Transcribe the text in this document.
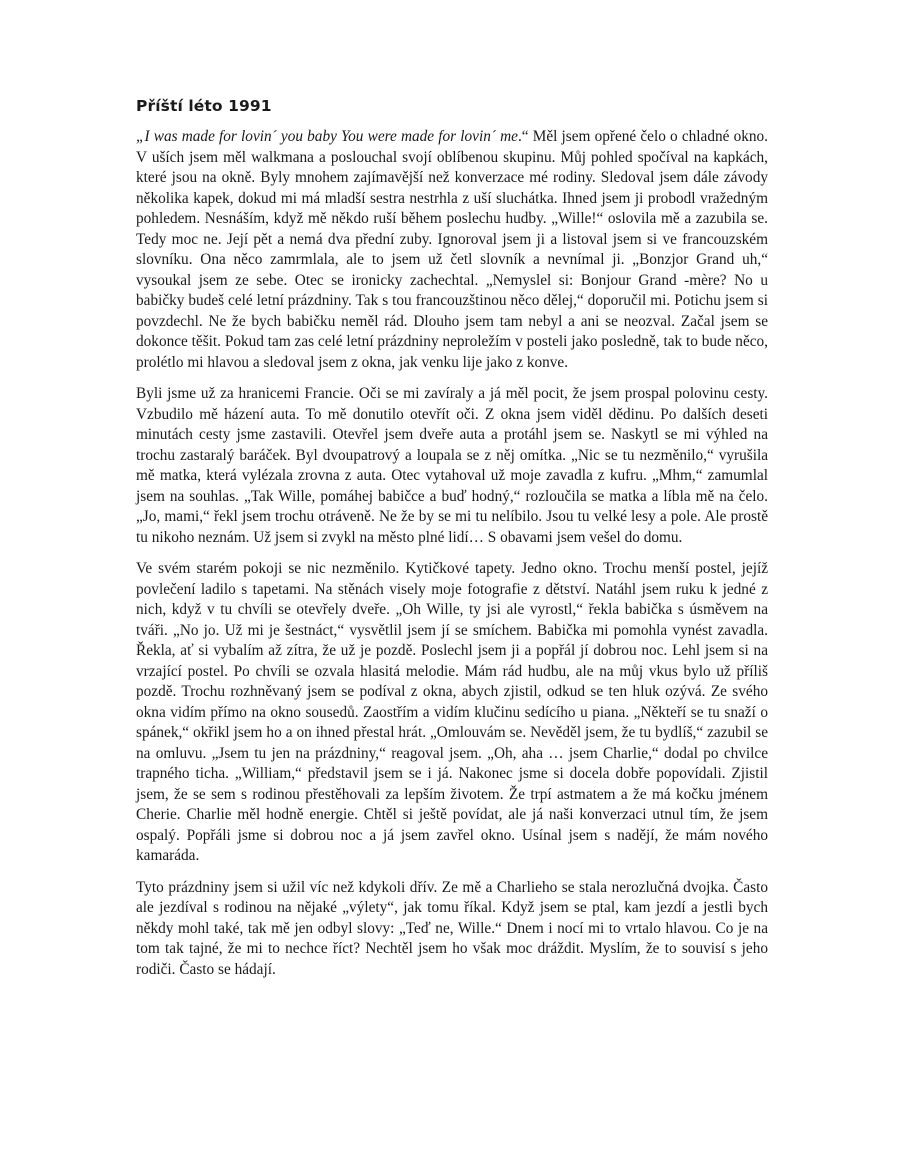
Příští léto 1991

„I was made for lovin´ you baby You were made for lovin´ me.“ Měl jsem opřené čelo o chladné okno. V uších jsem měl walkmana a poslouchal svojí oblíbenou skupinu. Můj pohled spočíval na kapkách, které jsou na okně. Byly mnohem zajímavější než konverzace mé rodiny. Sledoval jsem dále závody několika kapek, dokud mi má mladší sestra nestrhla z uší sluchátka. Ihned jsem ji probodl vražedným pohledem. Nesnáším, když mě někdo ruší během poslechu hudby. „Wille!“ oslovila mě a zazubila se. Tedy moc ne. Její pět a nemá dva přední zuby. Ignoroval jsem ji a listoval jsem si ve francouzském slovníku. Ona něco zamrmlala, ale to jsem už četl slovník a nevnímal ji. „Bonzjor Grand uh,“ vysoukal jsem ze sebe. Otec se ironicky zachechtal. „Nemyslel si: Bonjour Grand -mère? No u babičky budeš celé letní prázdniny. Tak s tou francouzštinou něco dělej,“ doporučil mi. Potichu jsem si povzdechl. Ne že bych babičku neměl rád. Dlouho jsem tam nebyl a ani se neozval. Začal jsem se dokonce těšit. Pokud tam zas celé letní prázdniny neproležím v posteli jako posledně, tak to bude něco, prolétlo mi hlavou a sledoval jsem z okna, jak venku lije jako z konve.

Byli jsme už za hranicemi Francie. Oči se mi zavíraly a já měl pocit, že jsem prospal polovinu cesty. Vzbudilo mě házení auta. To mě donutilo otevřít oči. Z okna jsem viděl dědinu. Po dalších deseti minutách cesty jsme zastavili. Otevřel jsem dveře auta a protáhl jsem se. Naskytl se mi výhled na trochu zastaralý baráček. Byl dvoupatrový a loupala se z něj omítka. „Nic se tu nezměnilo,“ vyrušila mě matka, která vylézala zrovna z auta. Otec vytahoval už moje zavadla z kufru. „Mhm,“ zamumlal jsem na souhlas. „Tak Wille, pomáhej babičce a buď hodný,“ rozloučila se matka a líbla mě na čelo. „Jo, mami,“ řekl jsem trochu otráveně. Ne že by se mi tu nelíbilo. Jsou tu velké lesy a pole. Ale prostě tu nikoho neznám. Už jsem si zvykl na město plné lidí… S obavami jsem vešel do domu.

Ve svém starém pokoji se nic nezměnilo. Kytičkové tapety. Jedno okno. Trochu menší postel, jejíž povlečení ladilo s tapetami. Na stěnách visely moje fotografie z dětství. Natáhl jsem ruku k jedné z nich, když v tu chvíli se otevřely dveře. „Oh Wille, ty jsi ale vyrostl,“ řekla babička s úsměvem na tváři. „No jo. Už mi je šestnáct,“ vysvětlil jsem jí se smíchem. Babička mi pomohla vynést zavadla. Řekla, ať si vybalím až zítra, že už je pozdě. Poslechl jsem ji a popřál jí dobrou noc. Lehl jsem si na vrzající postel. Po chvíli se ozvala hlasitá melodie. Mám rád hudbu, ale na můj vkus bylo už příliš pozdě. Trochu rozhněvaný jsem se podíval z okna, abych zjistil, odkud se ten hluk ozývá. Ze svého okna vidím přímo na okno sousedů. Zaostřím a vidím klučinu sedícího u piana. „Někteří se tu snaží o spánek,“ okřikl jsem ho a on ihned přestal hrát. „Omlouvám se. Nevěděl jsem, že tu bydlíš,“ zazubil se na omluvu. „Jsem tu jen na prázdniny,“ reagoval jsem. „Oh, aha … jsem Charlie,“ dodal po chvilce trapného ticha. „William,“ představil jsem se i já. Nakonec jsme si docela dobře popovídali. Zjistil jsem, že se sem s rodinou přestěhovali za lepším životem. Že trpí astmatem a že má kočku jménem Cherie. Charlie měl hodně energie. Chtěl si ještě povídat, ale já naši konverzaci utnul tím, že jsem ospalý. Popřáli jsme si dobrou noc a já jsem zavřel okno. Usínal jsem s nadějí, že mám nového kamaráda.

Tyto prázdniny jsem si užil víc než kdykoli dřív. Ze mě a Charlieho se stala nerozlučná dvojka. Často ale jezdíval s rodinou na nějaké „výlety“, jak tomu říkal. Když jsem se ptal, kam jezdí a jestli bych někdy mohl také, tak mě jen odbyl slovy: „Teď ne, Wille.“ Dnem i nocí mi to vrtalo hlavou. Co je na tom tak tajné, že mi to nechce říct? Nechtěl jsem ho však moc dráždit. Myslím, že to souvisí s jeho rodiči. Často se hádají.
